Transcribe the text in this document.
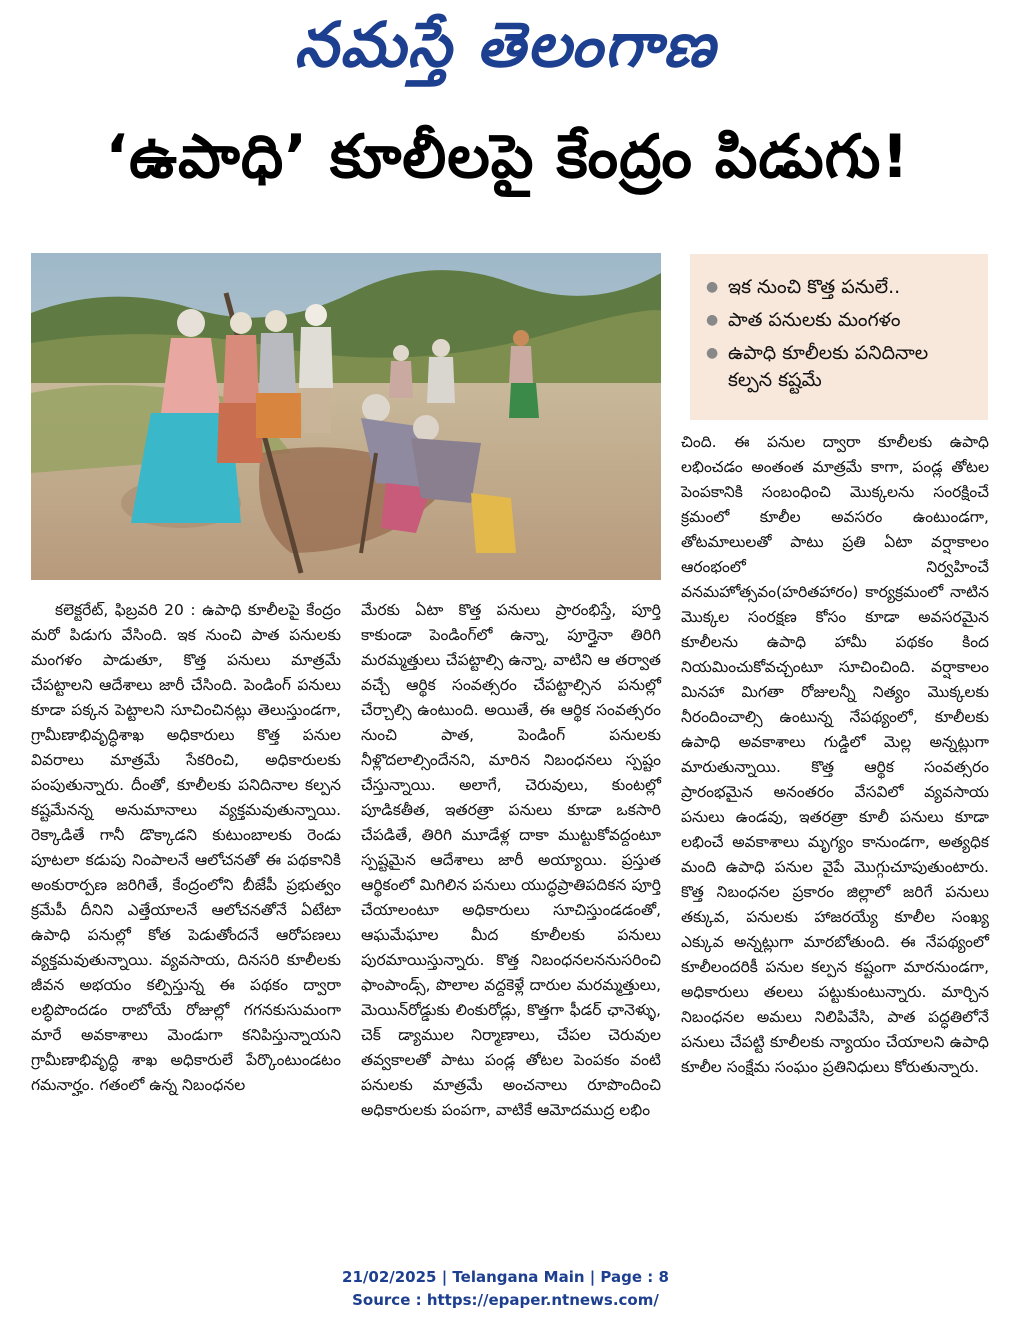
నమస్తే తెలంగాణ
‘ఉపాధి’ కూలీలపై కేంద్రం పిడుగు!
● ఇక నుంచి కొత్త పనులే..
● పాత పనులకు మంగళం
● ఉపాధి కూలీలకు పనిదినాల కల్పన కష్టమే
కలెక్టరేట్, ఫిబ్రవరి 20 : ఉపాధి కూలీలపై కేంద్రం మరో పిడుగు వేసింది. ఇక నుంచి పాత పనులకు మంగళం పాడుతూ, కొత్త పనులు మాత్రమే చేపట్టాలని ఆదేశాలు జారీ చేసింది. పెండింగ్ పనులు కూడా పక్కన పెట్టాలని సూచించినట్లు తెలుస్తుండగా, గ్రామీణాభివృద్ధిశాఖ అధికారులు కొత్త పనుల వివరాలు మాత్రమే సేకరించి, అధికారులకు పంపుతున్నారు. దీంతో, కూలీలకు పనిదినాల కల్పన కష్టమేనన్న అనుమానాలు వ్యక్తమవుతున్నాయి. రెక్కాడితే గానీ డొక్కాడని కుటుంబాలకు రెండు పూటలా కడుపు నింపాలనే ఆలోచనతో ఈ పథకానికి అంకురార్పణ జరిగితే, కేంద్రంలోని బీజేపీ ప్రభుత్వం క్రమేపీ దీనిని ఎత్తేయాలనే ఆలోచనతోనే ఏటేటా ఉపాధి పనుల్లో కోత పెడుతోందనే ఆరోపణలు వ్యక్తమవుతున్నాయి. వ్యవసాయ, దినసరి కూలీలకు జీవన అభయం కల్పిస్తున్న ఈ పథకం ద్వారా లబ్ధిపొందడం రాబోయే రోజుల్లో గగనకుసుమంగా మారే అవకాశాలు మెండుగా కనిపిస్తున్నాయని గ్రామీణాభివృద్ధి శాఖ అధికారులే పేర్కొంటుండటం గమనార్హం. గతంలో ఉన్న నిబంధనల
మేరకు ఏటా కొత్త పనులు ప్రారంభిస్తే, పూర్తి కాకుండా పెండింగ్‌లో ఉన్నా, పూర్తైనా తిరిగి మరమ్మత్తులు చేపట్టాల్సి ఉన్నా, వాటిని ఆ తర్వాత వచ్చే ఆర్థిక సంవత్సరం చేపట్టాల్సిన పనుల్లో చేర్చాల్సి ఉంటుంది. అయితే, ఈ ఆర్థిక సంవత్సరం నుంచి పాత, పెండింగ్ పనులకు నీళ్లొదలాల్సిందేనని, మారిన నిబంధనలు స్పష్టం చేస్తున్నాయి. అలాగే, చెరువులు, కుంటల్లో పూడికతీత, ఇతరత్రా పనులు కూడా ఒకసారి చేపడితే, తిరిగి మూడేళ్ల దాకా ముట్టుకోవద్దంటూ స్పష్టమైన ఆదేశాలు జారీ అయ్యాయి. ప్రస్తుత ఆర్థికంలో మిగిలిన పనులు యుద్ధప్రాతిపదికన పూర్తి చేయాలంటూ అధికారులు సూచిస్తుండడంతో, ఆఘమేఘాల మీద కూలీలకు పనులు పురమాయిస్తున్నారు. కొత్త నిబంధనలననుసరించి ఫాంపాండ్స్, పొలాల వద్దకెళ్లే దారుల మరమ్మత్తులు, మెయిన్‌రోడ్డుకు లింకురోడ్లు, కొత్తగా ఫీడర్ ఛానెళ్ళు, చెక్ డ్యాముల నిర్మాణాలు, చేపల చెరువుల తవ్వకాలతో పాటు పండ్ల తోటల పెంపకం వంటి పనులకు మాత్రమే అంచనాలు రూపొందించి అధికారులకు పంపగా, వాటికే ఆమోదముద్ర లభిం
చింది. ఈ పనుల ద్వారా కూలీలకు ఉపాధి లభించడం అంతంత మాత్రమే కాగా, పండ్ల తోటల పెంపకానికి సంబంధించి మొక్కలను సంరక్షించే క్రమంలో కూలీల అవసరం ఉంటుండగా, తోటమాలులతో పాటు ప్రతి ఏటా వర్షాకాలం ఆరంభంలో నిర్వహించే వనమహోత్సవం(హరితహారం) కార్యక్రమంలో నాటిన మొక్కల సంరక్షణ కోసం కూడా అవసరమైన కూలీలను ఉపాధి హామీ పథకం కింద నియమించుకోవచ్చంటూ సూచించింది. వర్షాకాలం మినహా మిగతా రోజులన్నీ నిత్యం మొక్కలకు నీరందించాల్సి ఉంటున్న నేపథ్యంలో, కూలీలకు ఉపాధి అవకాశాలు గుడ్డిలో మెల్ల అన్నట్లుగా మారుతున్నాయి. కొత్త ఆర్థిక సంవత్సరం ప్రారంభమైన అనంతరం వేసవిలో వ్యవసాయ పనులు ఉండవు, ఇతరత్రా కూలీ పనులు కూడా లభించే అవకాశాలు మృగ్యం కానుండగా, అత్యధిక మంది ఉపాధి పనుల వైపే మొగ్గుచూపుతుంటారు. కొత్త నిబంధనల ప్రకారం జిల్లాలో జరిగే పనులు తక్కువ, పనులకు హాజరయ్యే కూలీల సంఖ్య ఎక్కువ అన్నట్లుగా మారబోతుంది. ఈ నేపథ్యంలో కూలీలందరికీ పనుల కల్పన కష్టంగా మారనుండగా, అధికారులు తలలు పట్టుకుంటున్నారు. మార్చిన నిబంధనల అమలు నిలిపివేసి, పాత పద్ధతిలోనే పనులు చేపట్టి కూలీలకు న్యాయం చేయాలని ఉపాధి కూలీల సంక్షేమ సంఘం ప్రతినిధులు కోరుతున్నారు.
21/02/2025 | Telangana Main | Page : 8
Source : https://epaper.ntnews.com/
